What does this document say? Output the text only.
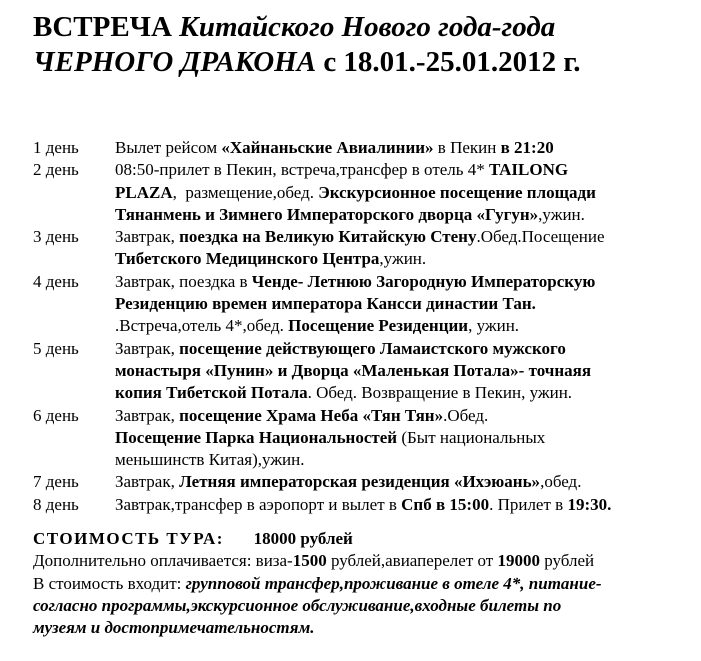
ВСТРЕЧА Китайского Нового года-года
ЧЕРНОГО ДРАКОНА с 18.01.-25.01.2012 г.
1 день	Вылет рейсом «Хайнаньские Авиалинии» в Пекин в 21:20
2 день	08:50-прилет в Пекин, встреча,трансфер в отель 4* TAILONG
PLAZA,  размещение,обед. Экскурсионное посещение площади
Тянанмень и Зимнего Императорского дворца «Гугун»,ужин.
3 день	Завтрак, поездка на Великую Китайскую Стену.Обед.Посещение
Тибетского Медицинского Центра,ужин.
4 день	Завтрак, поездка в Ченде- Летнюю Загородную Императорскую
Резиденцию времен императора Кансси династии Тан.
.Встреча,отель 4*,обед. Посещение Резиденции, ужин.
5 день	Завтрак, посещение действующего Ламаистского мужского
монастыря «Пунин» и Дворца «Маленькая Потала»- точнаяя
копия Тибетской Потала. Обед. Возвращение в Пекин, ужин.
6 день	Завтрак, посещение Храма Неба «Тян Тян».Обед.
Посещение Парка Национальностей (Быт национальных
меньшинств Китая),ужин.
7 день	Завтрак, Летняя императорская резиденция «Ихэюань»,обед.
8 день	Завтрак,трансфер в аэропорт и вылет в Спб в 15:00. Прилет в 19:30.
СТОИМОСТЬ ТУРА: 18000 рублей
Дополнительно оплачивается: виза-1500 рублей,авиаперелет от 19000 рублей
В стоимость входит: групповой трансфер,проживание в отеле 4*, питание-
согласно программы,экскурсионное обслуживание,входные билеты по
музеям и достопримечательностям.
